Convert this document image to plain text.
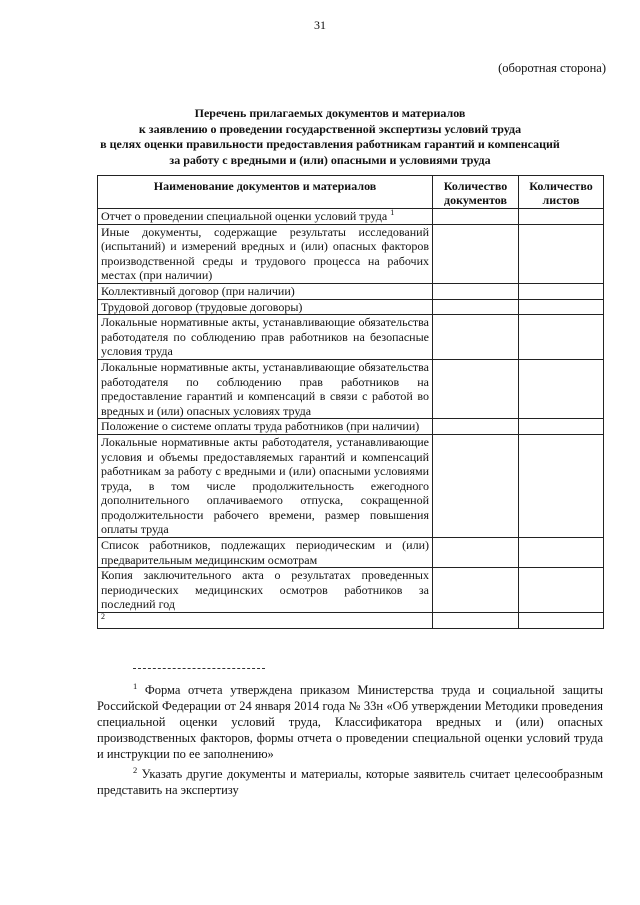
31
(оборотная сторона)
Перечень прилагаемых документов и материалов
к заявлению о проведении государственной экспертизы условий труда
в целях оценки правильности предоставления работникам гарантий и компенсаций
за работу с вредными и (или) опасными и условиями труда
Наименование документов и материалов	Количество документов	Количество листов
Отчет о проведении специальной оценки условий труда $^1$		
Иные документы, содержащие результаты исследований (испытаний) и измерений вредных и (или) опасных факторов производственной среды и трудового процесса на рабочих местах (при наличии)		
Коллективный договор (при наличии)		
Трудовой договор (трудовые договоры)		
Локальные нормативные акты, устанавливающие обязательства работодателя по соблюдению прав работников на безопасные условия труда		
Локальные нормативные акты, устанавливающие обязательства работодателя по соблюдению прав работников на предоставление гарантий и компенсаций в связи с работой во вредных и (или) опасных условиях труда		
Положение о системе оплаты труда работников (при наличии)		
Локальные нормативные акты работодателя, устанавливающие условия и объемы предоставляемых гарантий и компенсаций работникам за работу с вредными и (или) опасными условиями труда, в том числе продолжительность ежегодного дополнительного оплачиваемого отпуска, сокращенной продолжительности рабочего времени, размер повышения оплаты труда		
Список работников, подлежащих периодическим и (или) предварительным медицинским осмотрам		
Копия заключительного акта о результатах проведенных периодических медицинских осмотров работников за последний год		
$^2$		

$^1$ Форма отчета утверждена приказом Министерства труда и социальной защиты Российской Федерации от 24 января 2014 года № 33н «Об утверждении Методики проведения специальной оценки условий труда, Классификатора вредных и (или) опасных производственных факторов, формы отчета о проведении специальной оценки условий труда и инструкции по ее заполнению»

$^2$ Указать другие документы и материалы, которые заявитель считает целесообразным представить на экспертизу
